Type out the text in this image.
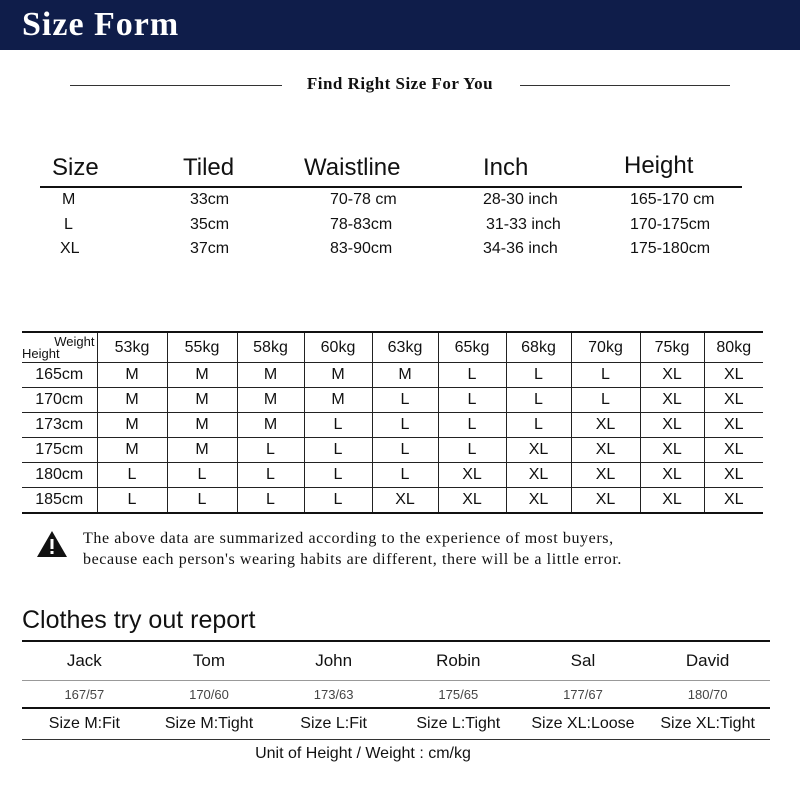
Size Form
Find Right Size For You
Size	Tiled	Waistline	Inch	Height
M	33cm	70-78 cm	28-30 inch	165-170 cm
L	35cm	78-83cm	31-33 inch	170-175cm
XL	37cm	83-90cm	34-36 inch	175-180cm
Weight
Height	53kg	55kg	58kg	60kg	63kg	65kg	68kg	70kg	75kg	80kg
165cm	M	M	M	M	M	L	L	L	XL	XL
170cm	M	M	M	M	L	L	L	L	XL	XL
173cm	M	M	M	L	L	L	L	XL	XL	XL
175cm	M	M	L	L	L	L	XL	XL	XL	XL
180cm	L	L	L	L	L	XL	XL	XL	XL	XL
185cm	L	L	L	L	XL	XL	XL	XL	XL	XL
The above data are summarized according to the experience of most buyers,
because each person's wearing habits are different, there will be a little error.
Clothes try out report
Jack	Tom	John	Robin	Sal	David
167/57	170/60	173/63	175/65	177/67	180/70
Size M:Fit	Size M:Tight	Size L:Fit	Size L:Tight	Size XL:Loose	Size XL:Tight
Unit of Height / Weight : cm/kg
